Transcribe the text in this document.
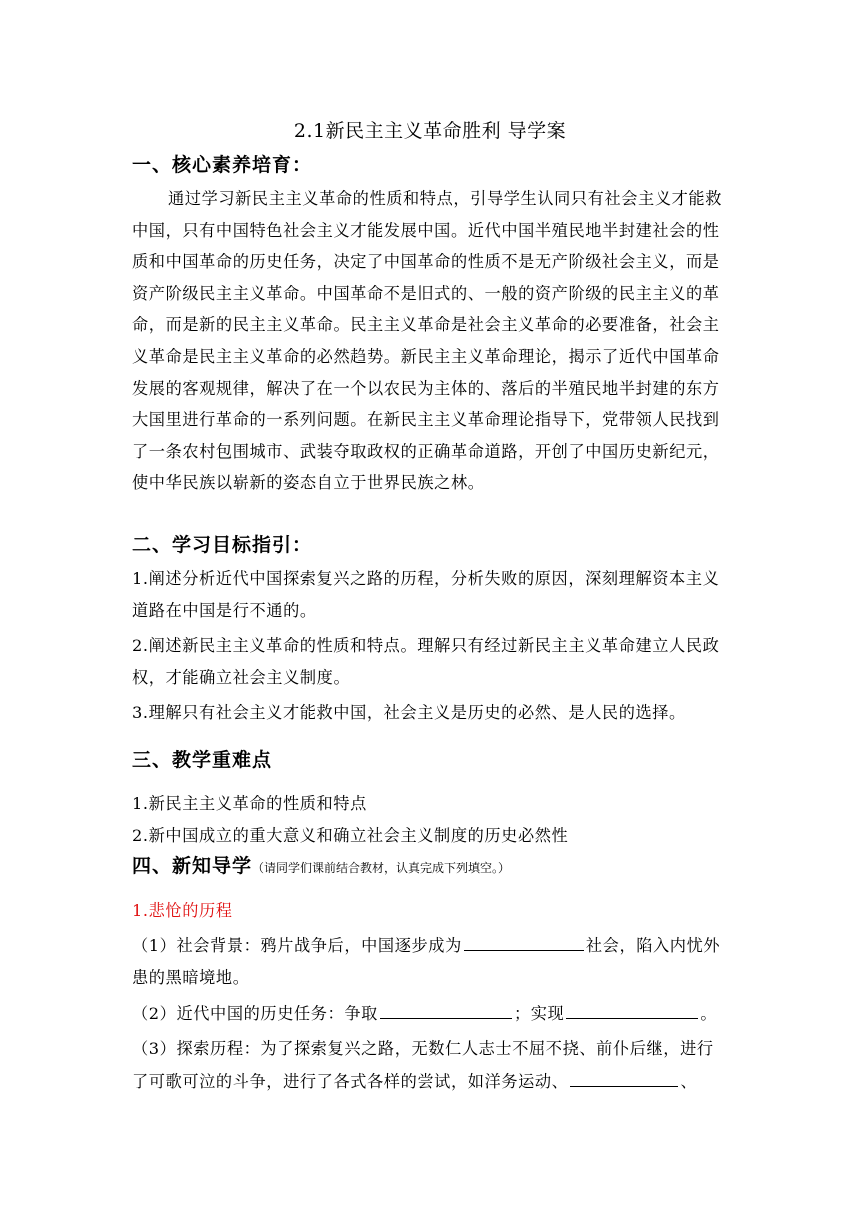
2.1新民主主义革命胜利 导学案
一、核心素养培育：
通过学习新民主主义革命的性质和特点，引导学生认同只有社会主义才能救中国，只有中国特色社会主义才能发展中国。近代中国半殖民地半封建社会的性质和中国革命的历史任务，决定了中国革命的性质不是无产阶级社会主义，而是资产阶级民主主义革命。中国革命不是旧式的、一般的资产阶级的民主主义的革命，而是新的民主主义革命。民主主义革命是社会主义革命的必要准备，社会主义革命是民主主义革命的必然趋势。新民主主义革命理论，揭示了近代中国革命发展的客观规律，解决了在一个以农民为主体的、落后的半殖民地半封建的东方大国里进行革命的一系列问题。在新民主主义革命理论指导下，党带领人民找到了一条农村包围城市、武装夺取政权的正确革命道路，开创了中国历史新纪元，使中华民族以崭新的姿态自立于世界民族之林。
二、学习目标指引：
1.阐述分析近代中国探索复兴之路的历程，分析失败的原因，深刻理解资本主义道路在中国是行不通的。
2.阐述新民主主义革命的性质和特点。理解只有经过新民主主义革命建立人民政权，才能确立社会主义制度。
3.理解只有社会主义才能救中国，社会主义是历史的必然、是人民的选择。
三、教学重难点
1.新民主主义革命的性质和特点
2.新中国成立的重大意义和确立社会主义制度的历史必然性
四、新知导学（请同学们课前结合教材，认真完成下列填空。）
1.悲怆的历程
（1）社会背景：鸦片战争后，中国逐步成为	社会，陷入内忧外
患的黑暗境地。
（2）近代中国的历史任务：争取	；实现	。
（3）探索历程：为了探索复兴之路，无数仁人志士不屈不挠、前仆后继，进行
了可歌可泣的斗争，进行了各式各样的尝试，如洋务运动、	、
